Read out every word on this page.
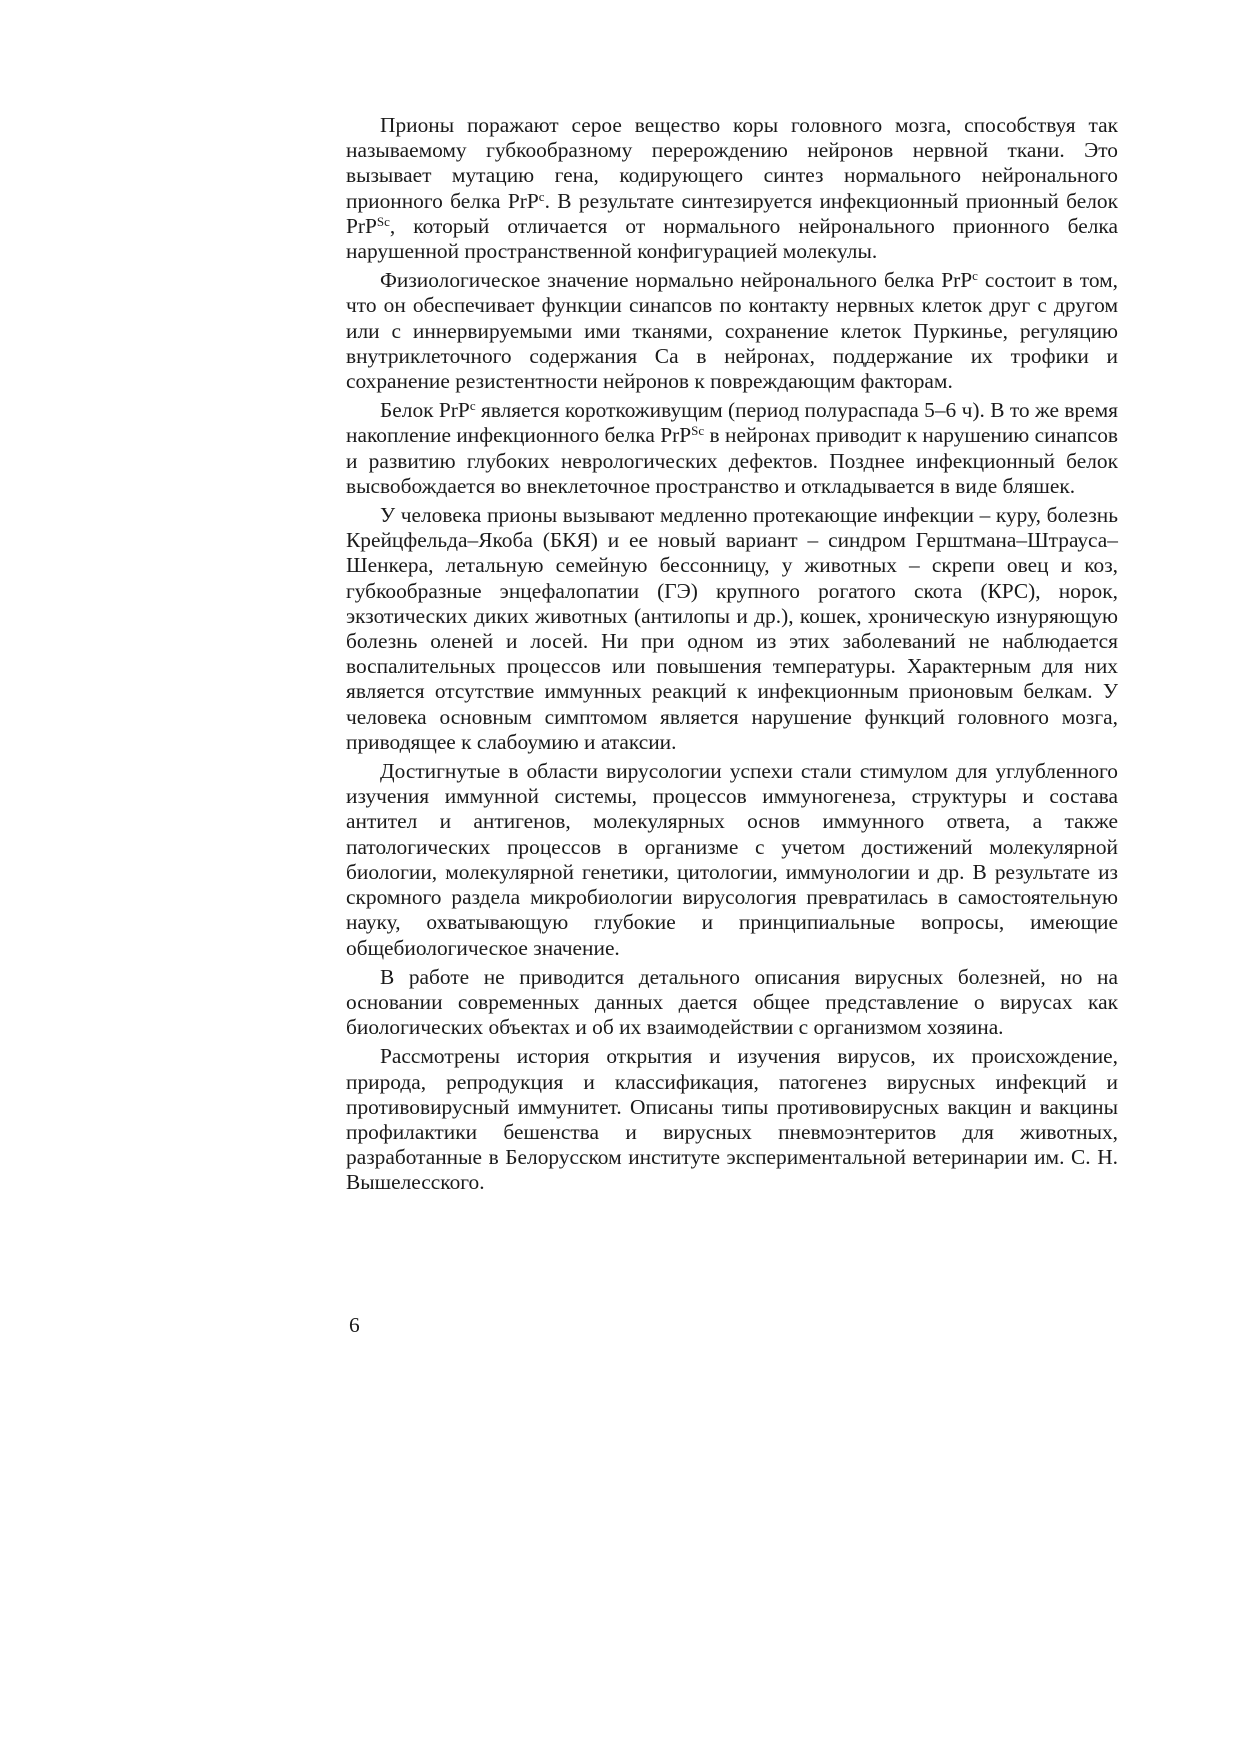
Прионы поражают серое вещество коры головного мозга, способствуя так называемому губкообразному перерождению нейронов нервной ткани. Это вызывает мутацию гена, кодирующего синтез нормального нейронального прионного белка PrP$^c$. В результате синтезируется инфекционный прионный белок PrP$^{Sc}$, который отличается от нормального нейронального прионного белка нарушенной пространственной конфигурацией молекулы.

Физиологическое значение нормально нейронального белка PrP$^c$ состоит в том, что он обеспечивает функции синапсов по контакту нервных клеток друг с другом или с иннервируемыми ими тканями, сохранение клеток Пуркинье, регуляцию внутриклеточного содержания Са в нейронах, поддержание их трофики и сохранение резистентности нейронов к повреждающим факторам.

Белок PrP$^c$ является короткоживущим (период полураспада 5–6 ч). В то же время накопление инфекционного белка PrP$^{Sc}$ в нейронах приводит к нарушению синапсов и развитию глубоких неврологических дефектов. Позднее инфекционный белок высвобождается во внеклеточное пространство и откладывается в виде бляшек.

У человека прионы вызывают медленно протекающие инфекции – куру, болезнь Крейцфельда–Якоба (БКЯ) и ее новый вариант – синдром Герштмана–Штрауса–Шенкера, летальную семейную бессонницу, у животных – скрепи овец и коз, губкообразные энцефалопатии (ГЭ) крупного рогатого скота (КРС), норок, экзотических диких животных (антилопы и др.), кошек, хроническую изнуряющую болезнь оленей и лосей. Ни при одном из этих заболеваний не наблюдается воспалительных процессов или повышения температуры. Характерным для них является отсутствие иммунных реакций к инфекционным прионовым белкам. У человека основным симптомом является нарушение функций головного мозга, приводящее к слабоумию и атаксии.

Достигнутые в области вирусологии успехи стали стимулом для углубленного изучения иммунной системы, процессов иммуногенеза, структуры и состава антител и антигенов, молекулярных основ иммунного ответа, а также патологических процессов в организме с учетом достижений молекулярной биологии, молекулярной генетики, цитологии, иммунологии и др. В результате из скромного раздела микробиологии вирусология превратилась в самостоятельную науку, охватывающую глубокие и принципиальные вопросы, имеющие общебиологическое значение.

В работе не приводится детального описания вирусных болезней, но на основании современных данных дается общее представление о вирусах как биологических объектах и об их взаимодействии с организмом хозяина.

Рассмотрены история открытия и изучения вирусов, их происхождение, природа, репродукция и классификация, патогенез вирусных инфекций и противовирусный иммунитет. Описаны типы противовирусных вакцин и вакцины профилактики бешенства и вирусных пневмоэнтеритов для животных, разработанные в Белорусском институте экспериментальной ветеринарии им. С. Н. Вышелесского.

6
